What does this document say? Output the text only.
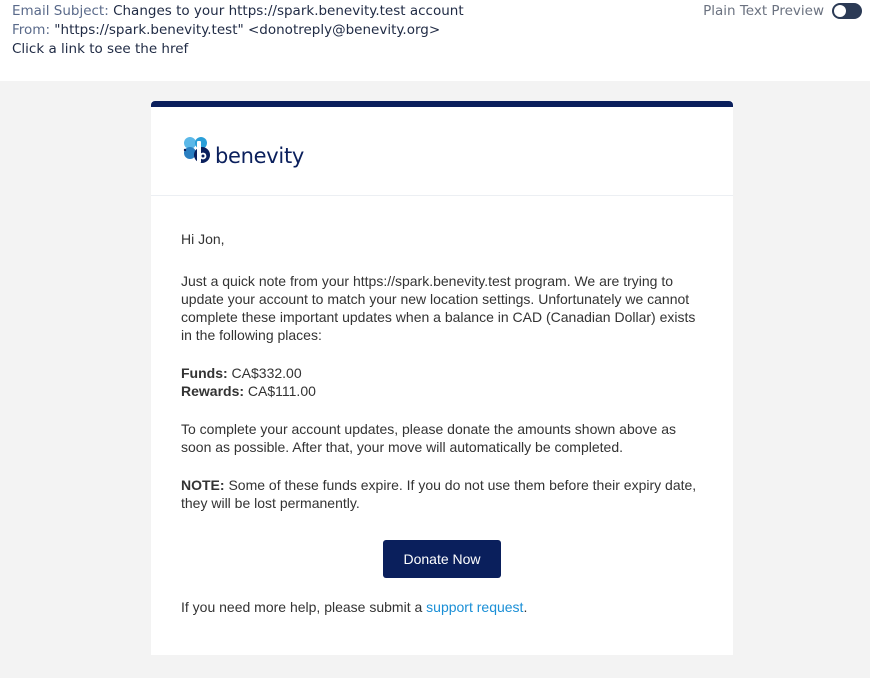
Email Subject: Changes to your https://spark.benevity.test account
From: "https://spark.benevity.test" <donotreply@benevity.org>
Click a link to see the href
Plain Text Preview
benevity

Hi Jon,

Just a quick note from your https://spark.benevity.test program. We are trying to update your account to match your new location settings. Unfortunately we cannot complete these important updates when a balance in CAD (Canadian Dollar) exists in the following places:

Funds: CA$332.00
Rewards: CA$111.00

To complete your account updates, please donate the amounts shown above as soon as possible. After that, your move will automatically be completed.

NOTE: Some of these funds expire. If you do not use them before their expiry date, they will be lost permanently.

Donate Now

If you need more help, please submit a support request.
